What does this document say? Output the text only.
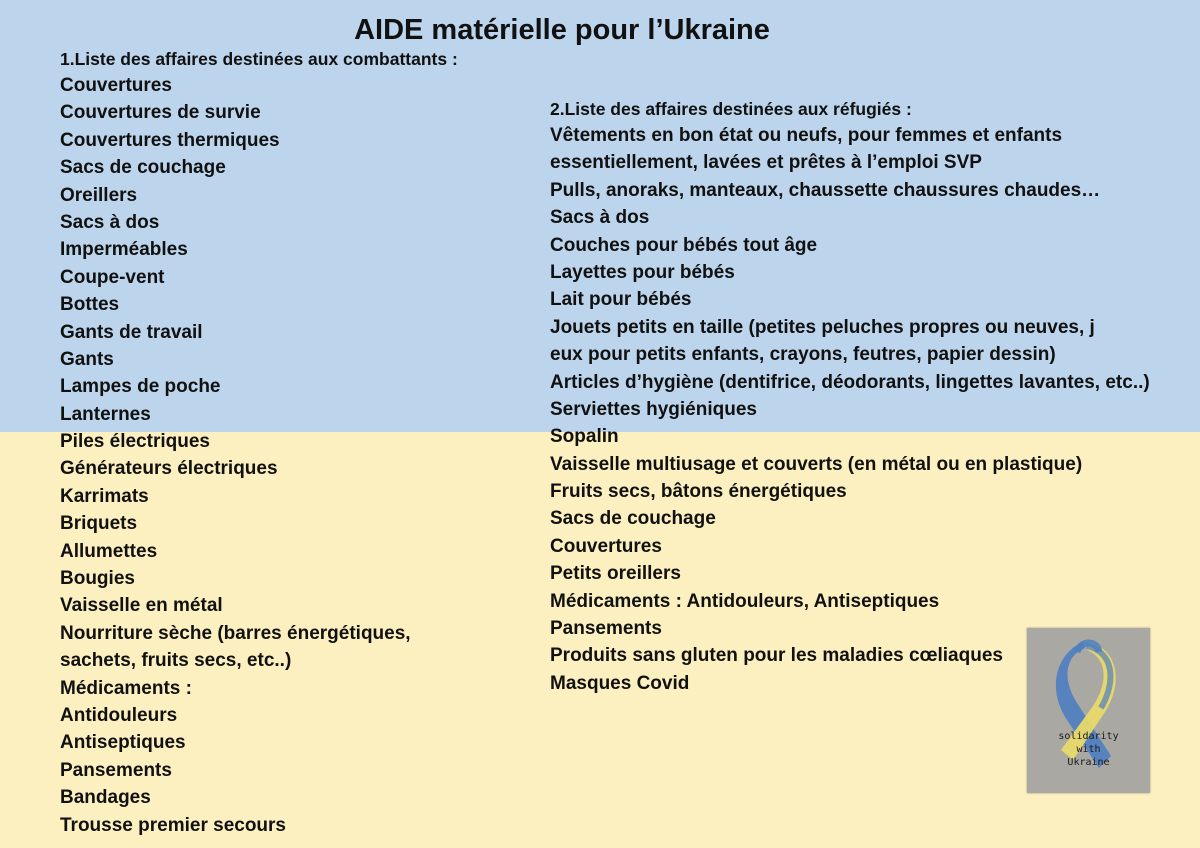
AIDE matérielle pour l’Ukraine

1.Liste des affaires destinées aux combattants :

Couvertures
Couvertures de survie
Couvertures thermiques
Sacs de couchage
Oreillers
Sacs à dos
Imperméables
Coupe-vent
Bottes
Gants de travail
Gants
Lampes de poche
Lanternes
Piles électriques
Générateurs électriques
Karrimats
Briquets
Allumettes
Bougies
Vaisselle en métal
Nourriture sèche (barres énergétiques,
sachets, fruits secs, etc..)
Médicaments :
Antidouleurs
Antiseptiques
Pansements
Bandages
Trousse premier secours

2.Liste des affaires destinées aux réfugiés :

Vêtements en bon état ou neufs, pour femmes et enfants
essentiellement, lavées et prêtes à l’emploi SVP
Pulls, anoraks, manteaux, chaussette chaussures chaudes…
Sacs à dos
Couches pour bébés tout âge
Layettes pour bébés
Lait pour bébés
Jouets petits en taille (petites peluches propres ou neuves, j
eux pour petits enfants, crayons, feutres, papier dessin)
Articles d’hygiène (dentifrice, déodorants, lingettes lavantes, etc..)
Serviettes hygiéniques
Sopalin
Vaisselle multiusage et couverts (en métal ou en plastique)
Fruits secs, bâtons énergétiques
Sacs de couchage
Couvertures
Petits oreillers
Médicaments : Antidouleurs, Antiseptiques
Pansements
Produits sans gluten pour les maladies cœliaques
Masques Covid
solidarity
with
Ukraine
